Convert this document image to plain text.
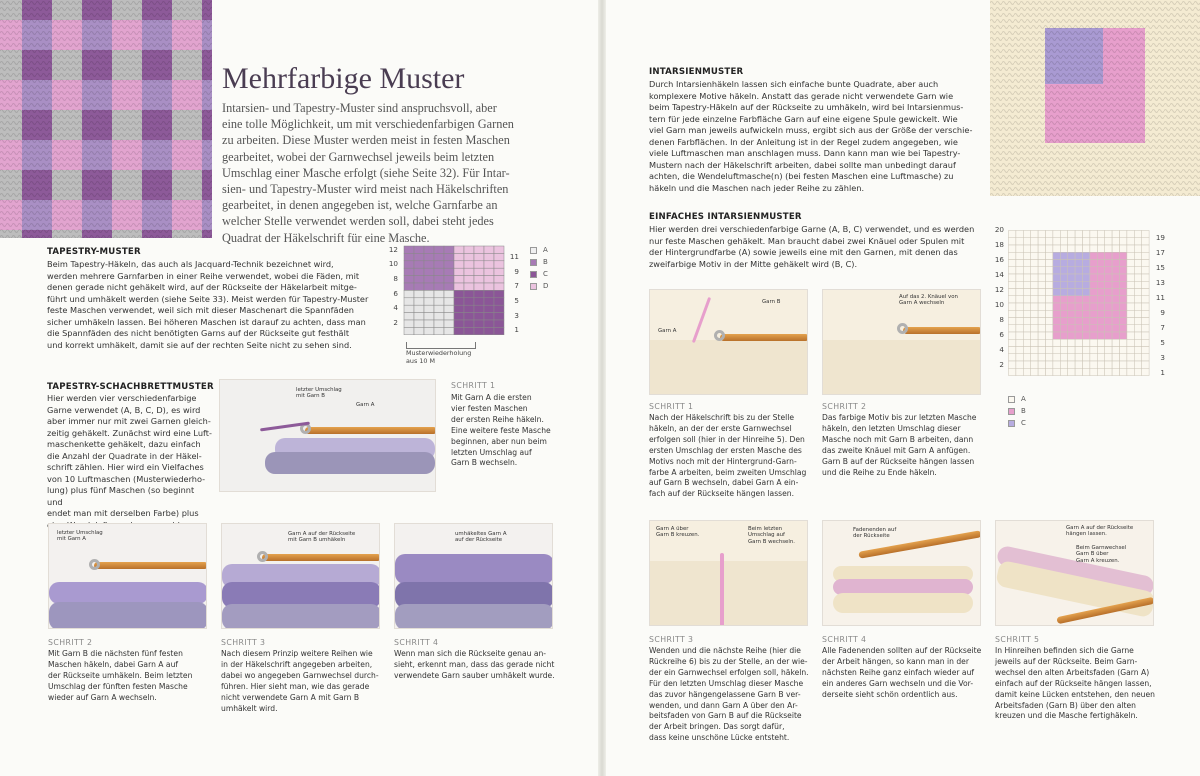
Mehrfarbige Muster
Intarsien- und Tapestry-Muster sind anspruchsvoll, aber
eine tolle Möglichkeit, um mit verschiedenfarbigen Garnen
zu arbeiten. Diese Muster werden meist in festen Maschen
gearbeitet, wobei der Garnwechsel jeweils beim letzten
Umschlag einer Masche erfolgt (siehe Seite 32). Für Intar-
sien- und Tapestry-Muster wird meist nach Häkelschriften
gearbeitet, in denen angegeben ist, welche Garnfarbe an
welcher Stelle verwendet werden soll, dabei steht jedes
Quadrat der Häkelschrift für eine Masche.
TAPESTRY-MUSTER
Beim Tapestry-Häkeln, das auch als Jacquard-Technik bezeichnet wird,
werden mehrere Garnfarben in einer Reihe verwendet, wobei die Fäden, mit
denen gerade nicht gehäkelt wird, auf der Rückseite der Häkelarbeit mitge-
führt und umhäkelt werden (siehe Seite 33). Meist werden für Tapestry-Muster
feste Maschen verwendet, weil sich mit dieser Maschenart die Spannfäden
sicher umhäkeln lassen. Bei höheren Maschen ist darauf zu achten, dass man
die Spannfäden des nicht benötigten Garns auf der Rückseite gut festhält
und korrekt umhäkelt, damit sie auf der rechten Seite nicht zu sehen sind.
12
10
8
6
4
2
11
9
7
5
3
1
A
B
C
D
Musterwiederholung
aus 10 M
TAPESTRY-SCHACHBRETTMUSTER
Hier werden vier verschiedenfarbige
Garne verwendet (A, B, C, D), es wird
aber immer nur mit zwei Garnen gleich-
zeitig gehäkelt. Zunächst wird eine Luft-
maschenkette gehäkelt, dazu einfach
die Anzahl der Quadrate in der Häkel-
schrift zählen. Hier wird ein Vielfaches
von 10 Luftmaschen (Musterwiederho-
lung) plus fünf Maschen (so beginnt und
endet man mit derselben Farbe) plus

letzter Umschlag
mit Garn B
Garn A
SCHRITT 1
Mit Garn A die ersten
vier festen Maschen
der ersten Reihe häkeln.
Eine weitere feste Masche
beginnen, aber nun beim
letzten Umschlag auf
Garn B wechseln.
letzter Umschlag
mit Garn A
Garn A auf der Rückseite
mit Garn B umhäkeln
umhäkeltes Garn A
auf der Rückseite
SCHRITT 2
Mit Garn B die nächsten fünf festen
Maschen häkeln, dabei Garn A auf
der Rückseite umhäkeln. Beim letzten
Umschlag der fünften festen Masche
wieder auf Garn A wechseln.
SCHRITT 3
Nach diesem Prinzip weitere Reihen wie
in der Häkelschrift angegeben arbeiten,
dabei wo angegeben Garnwechsel durch-
führen. Hier sieht man, wie das gerade
nicht verwendete Garn A mit Garn B
umhäkelt wird.
SCHRITT 4
Wenn man sich die Rückseite genau an-
sieht, erkennt man, dass das gerade nicht
verwendete Garn sauber umhäkelt wurde.
INTARSIENMUSTER
Durch Intarsienhäkeln lassen sich einfache bunte Quadrate, aber auch
komplexere Motive häkeln. Anstatt das gerade nicht verwendete Garn wie
beim Tapestry-Häkeln auf der Rückseite zu umhäkeln, wird bei Intarsienmus-
tern für jede einzelne Farbfläche Garn auf eine eigene Spule gewickelt. Wie
viel Garn man jeweils aufwickeln muss, ergibt sich aus der Größe der verschie-
denen Farbflächen. In der Anleitung ist in der Regel zudem angegeben, wie
viele Luftmaschen man anschlagen muss. Dann kann man wie bei Tapestry-
Mustern nach der Häkelschrift arbeiten, dabei sollte man unbedingt darauf
achten, die Wendeluftmasche(n) (bei festen Maschen eine Luftmasche) zu
häkeln und die Maschen nach jeder Reihe zu zählen.
EINFACHES INTARSIENMUSTER
Hier werden drei verschiedenfarbige Garne (A, B, C) verwendet, und es werden
nur feste Maschen gehäkelt. Man braucht dabei zwei Knäuel oder Spulen mit
der Hintergrundfarbe (A) sowie jeweils eine mit den Garnen, mit denen das
zweifarbige Motiv in der Mitte gehäkelt wird (B, C).
20
18
16
14
12
10
8
6
4
2
19
17
15
13
11
9
7
5
3
1
A
B
C
Garn B
Garn A
Auf das 2. Knäuel von
Garn A wechseln
SCHRITT 1
Nach der Häkelschrift bis zu der Stelle
häkeln, an der der erste Garnwechsel
erfolgen soll (hier in der Hinreihe 5). Den
ersten Umschlag der ersten Masche des
Motivs noch mit der Hintergrund-Garn-
farbe A arbeiten, beim zweiten Umschlag
auf Garn B wechseln, dabei Garn A ein-
fach auf der Rückseite hängen lassen.
SCHRITT 2
Das farbige Motiv bis zur letzten Masche
häkeln, den letzten Umschlag dieser
Masche noch mit Garn B arbeiten, dann
das zweite Knäuel mit Garn A anfügen.
Garn B auf der Rückseite hängen lassen
und die Reihe zu Ende häkeln.
Garn A über
Garn B kreuzen.
Beim letzten
Umschlag auf
Garn B wechseln.
Fadenenden auf
der Rückseite
Garn A auf der Rückseite
hängen lassen.
Beim Garnwechsel
Garn B über
Garn A kreuzen.
SCHRITT 3
Wenden und die nächste Reihe (hier die
Rückreihe 6) bis zu der Stelle, an der wie-
der ein Garnwechsel erfolgen soll, häkeln.
Für den letzten Umschlag dieser Masche
das zuvor hängengelassene Garn B ver-
wenden, und dann Garn A über den Ar-
beitsfaden von Garn B auf die Rückseite
der Arbeit bringen. Das sorgt dafür,
dass keine unschöne Lücke entsteht.
SCHRITT 4
Alle Fadenenden sollten auf der Rückseite
der Arbeit hängen, so kann man in der
nächsten Reihe ganz einfach wieder auf
ein anderes Garn wechseln und die Vor-
derseite sieht schön ordentlich aus.
SCHRITT 5
In Hinreihen befinden sich die Garne
jeweils auf der Rückseite. Beim Garn-
wechsel den alten Arbeitsfaden (Garn A)
einfach auf der Rückseite hängen lassen,
damit keine Lücken entstehen, den neuen
Arbeitsfaden (Garn B) über den alten
kreuzen und die Masche fertighäkeln.
